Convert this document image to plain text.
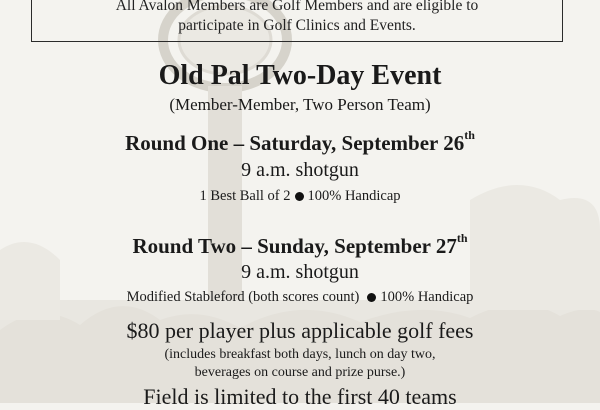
All Avalon Members are Golf Members and are eligible to
participate in Golf Clinics and Events.
Old Pal Two-Day Event
(Member-Member, Two Person Team)
Round One – Saturday, September 26th
9 a.m. shotgun
1 Best Ball of 2 100% Handicap
Round Two – Sunday, September 27th
9 a.m. shotgun
Modified Stableford (both scores count) 100% Handicap
$80 per player plus applicable golf fees
(includes breakfast both days, lunch on day two,
beverages on course and prize purse.)
Field is limited to the first 40 teams
